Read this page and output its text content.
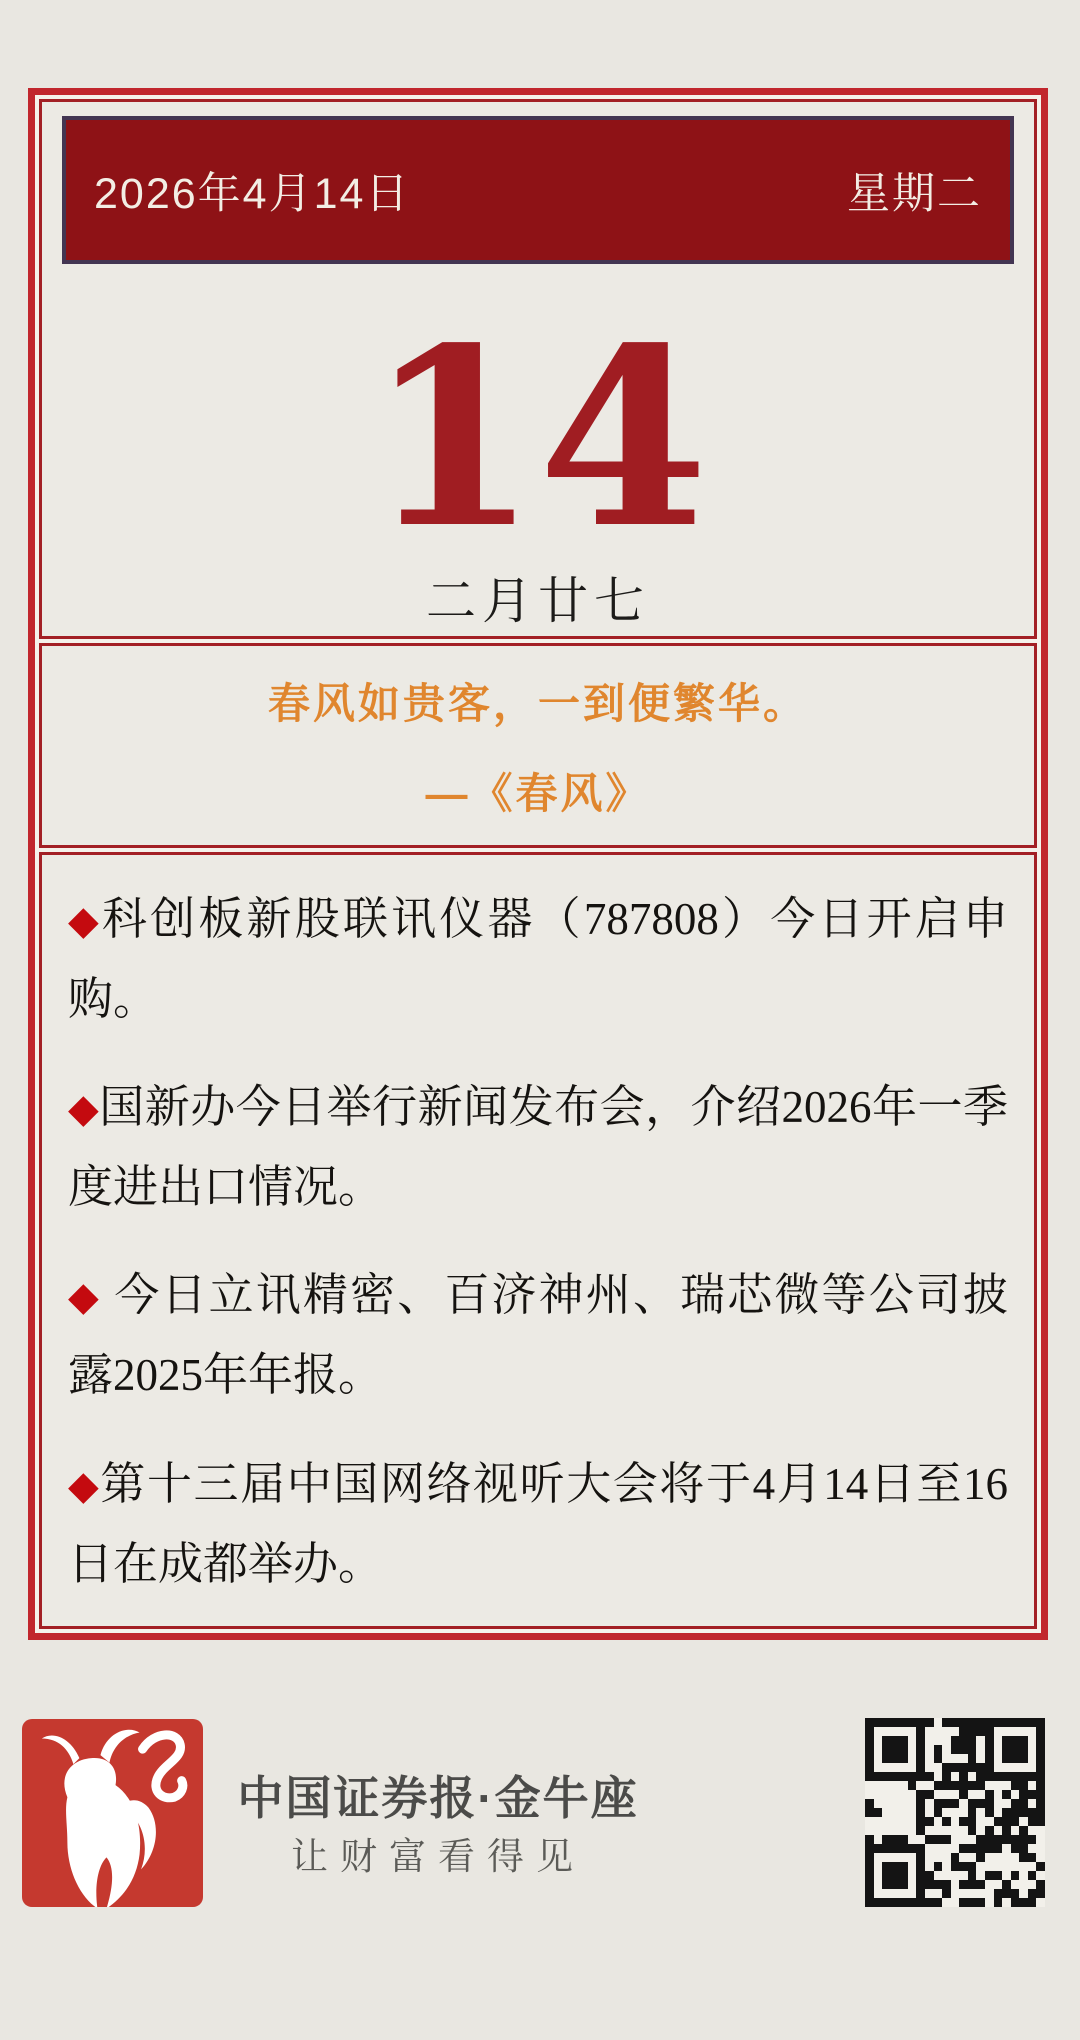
2026年4月14日	星期二
14
二月廿七
春风如贵客，一到便繁华。
—《春风》
◆科创板新股联讯仪器（787808）今日开启申购。
◆国新办今日举行新闻发布会，介绍2026年一季度进出口情况。
◆ 今日立讯精密、百济神州、瑞芯微等公司披露2025年年报。
◆第十三届中国网络视听大会将于4月14日至16日在成都举办。
中国证券报·金牛座
让财富看得见
